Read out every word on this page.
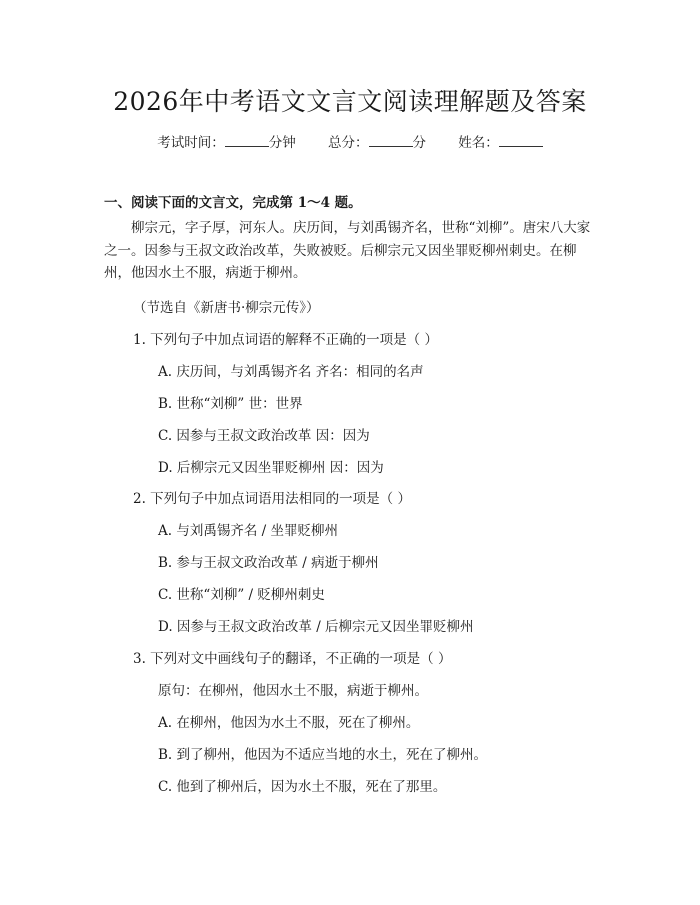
2026年中考语文文言文阅读理解题及答案
考试时间：	分钟 总分：	分 姓名：
一、阅读下面的文言文，完成第 1～4 题。
柳宗元，字子厚，河东人。庆历间，与刘禹锡齐名，世称“刘柳”。唐宋八大家之一。因参与王叔文政治改革，失败被贬。后柳宗元又因坐罪贬柳州刺史。在柳州，他因水土不服，病逝于柳州。
（节选自《新唐书·柳宗元传》）
1. 下列句子中加点词语的解释不正确的一项是（ ）
A. 庆历间，与刘禹锡齐名 齐名：相同的名声
B. 世称“刘柳” 世：世界
C. 因参与王叔文政治改革 因：因为
D. 后柳宗元又因坐罪贬柳州 因：因为
2. 下列句子中加点词语用法相同的一项是（ ）
A. 与刘禹锡齐名 / 坐罪贬柳州
B. 参与王叔文政治改革 / 病逝于柳州
C. 世称“刘柳” / 贬柳州刺史
D. 因参与王叔文政治改革 / 后柳宗元又因坐罪贬柳州
3. 下列对文中画线句子的翻译，不正确的一项是（ ）
原句：在柳州，他因水土不服，病逝于柳州。
A. 在柳州，他因为水土不服，死在了柳州。
B. 到了柳州，他因为不适应当地的水土，死在了柳州。
C. 他到了柳州后，因为水土不服，死在了那里。
